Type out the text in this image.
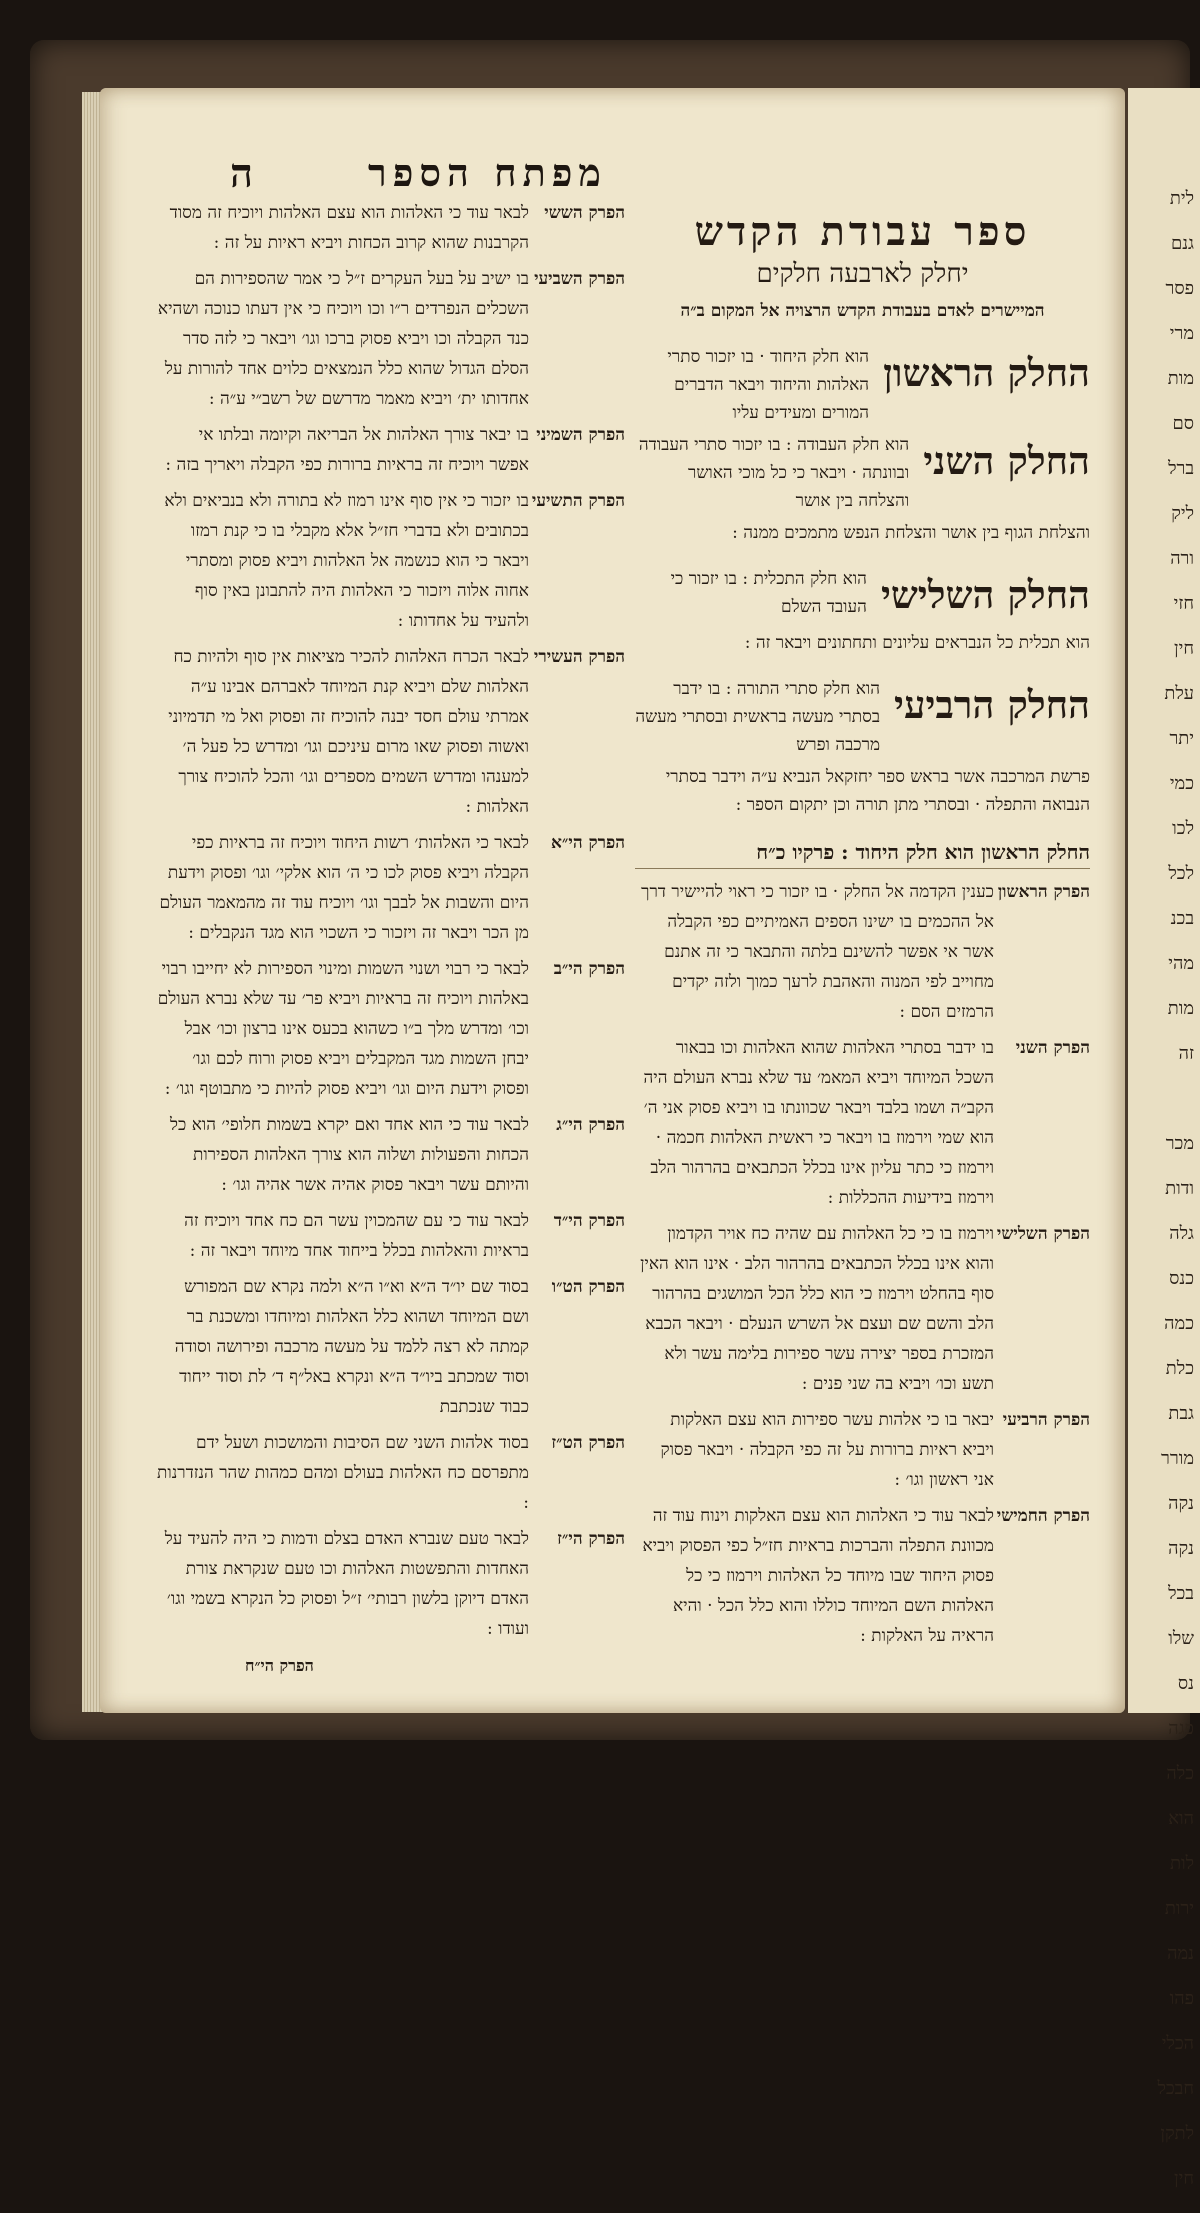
מפתח הספר
ה
ספר עבודת הקדש
יחלק לארבעה חלקים
המיישרים לאדם בעבודת הקדש הרצויה אל המקום ב״ה
החלק הראשון
הוא חלק היחוד · בו יזכור סתרי האלהות והיחוד ויבאר הדברים המורים ומעידים עליו
החלק השני
הוא חלק העבודה : בו יזכור סתרי העבודה ובוונתה · ויבאר כי כל מוכי האושר והצלחה בין אושר
והצלחת הגוף בין אושר והצלחת הנפש מתמכים ממנה :
החלק השלישי
הוא חלק התכלית : בו יזכור כי העובד השלם
הוא תכלית כל הנבראים עליונים ותחתונים ויבאר זה :
החלק הרביעי
הוא חלק סתרי התורה : בו ידבר בסתרי מעשה בראשית ובסתרי מעשה מרכבה ופרש
פרשת המרכבה אשר בראש ספר יחזקאל הנביא ע״ה וידבר בסתרי הנבואה והתפלה · ובסתרי מתן תורה וכן יתקום הספר :
החלק הראשון הוא חלק היחוד : פרקיו כ״ח
הפרק הראשון
כענין הקדמה אל החלק · בו יזכור כי ראוי להיישיר דרך אל ההכמים בו ישינו הספים האמיתיים כפי הקבלה אשר אי אפשר להשינם בלתה והתבאר כי זה אתנם מחוייב לפי המנוה והאהבת לרעך כמוך ולזה יקדים הרמזים הסם :
הפרק השני
בו ידבר בסתרי האלהות שהוא האלהות וכו בבאור השכל המיוחד ויביא המאמ׳ עד שלא נברא העולם היה הקב״ה ושמו בלבד ויבאר שכוונתו בו ויביא פסוק אני ה׳ הוא שמי וירמוז בו ויבאר כי ראשית האלהות חכמה · וירמוז כי כתר עליון אינו בכלל הכתבאים בהרהור הלב וירמוז בידיעות ההכללות :
הפרק השלישי
וירמוז בו כי כל האלהות עם שהיה כח אויר הקדמון והוא אינו בכלל הכתבאים בהרהור הלב · אינו הוא האין סוף בהחלט וירמוז כי הוא כלל הכל המושגים בהרהור הלב והשם שם ועצם אל השרש הנעלם · ויבאר הכבא המזכרת בספר יצירה עשר ספירות בלימה עשר ולא תשע וכו׳ ויביא בה שני פנים :
הפרק הרביעי
יבאר בו כי אלהות עשר ספירות הוא עצם האלקות ויביא ראיות ברורות על זה כפי הקבלה · ויבאר פסוק אני ראשון וגו׳ :
הפרק החמישי
לבאר עוד כי האלהות הוא עצם האלקות וינוח עוד זה מכוונת התפלה והברכות בראיות חז״ל כפי הפסוק ויביא פסוק היחוד שבו מיוחד כל האלהות וירמוז כי כל האלהות השם המיוחד כוללו והוא כלל הכל · והיא הראיה על האלקות :
הפרק הששי
לבאר עוד כי האלהות הוא עצם האלהות ויוכיח זה מסוד הקרבנות שהוא קרוב הכחות ויביא ראיות על זה :
הפרק השביעי
בו ישיב על בעל העקרים ז״ל כי אמר שהספירות הם השכלים הנפרדים ר״ו וכו ויוכיח כי אין דעתו כנוכה ושהיא כנד הקבלה וכו ויביא פסוק ברכו וגו׳ ויבאר כי לזה סדר הסלם הגדול שהוא כלל הנמצאים כלוים אחד להורות על אחדותו ית׳ ויביא מאמר מדרשם של רשב״י ע״ה :
הפרק השמיני
בו יבאר צורך האלהות אל הבריאה וקיומה ובלתו אי אפשר ויוכיח זה בראיות ברורות כפי הקבלה ויאריך בזה :
הפרק התשיעי
בו יזכור כי אין סוף אינו רמוז לא בתורה ולא בנביאים ולא בכתובים ולא בדברי חז״ל אלא מקבלי בו כי קנת רמזו ויבאר כי הוא כנשמה אל האלהות ויביא פסוק ומסתרי אחוה אלוה ויזכור כי האלהות היה להתבונן באין סוף ולהעיד על אחדותו :
הפרק העשירי
לבאר הכרח האלהות להכיר מציאות אין סוף ולהיות כח האלהות שלם ויביא קנת המיוחד לאברהם אבינו ע״ה אמרתי עולם חסד יבנה להוכיח זה ופסוק ואל מי תדמיוני ואשוה ופסוק שאו מרום עיניכם וגו׳ ומדרש כל פעל ה׳ למענהו ומדרש השמים מספרים וגו׳ והכל להוכיח צורך האלהות :
הפרק הי״א
לבאר כי האלהות׳ רשות היחוד ויוכיח זה בראיות כפי הקבלה ויביא פסוק לכו כי ה׳ הוא אלקי׳ וגו׳ ופסוק וידעת היום והשבות אל לבבך וגו׳ ויוכיח עוד זה מהמאמר העולם מן הכר ויבאר זה ויזכור כי השכוי הוא מגד הנקבלים :
הפרק הי״ב
לבאר כי רבוי ושנוי השמות ומינוי הספירות לא יחייבו רבוי באלהות ויוכיח זה בראיות ויביא פר׳ עד שלא נברא העולם וכו׳ ומדרש מלך ב״ו כשהוא בכעס אינו ברצון וכו׳ אבל יבחן השמות מגד המקבלים ויביא פסוק ורוח לכם וגו׳ ופסוק וידעת היום וגו׳ ויביא פסוק להיות כי מתבוטף וגו׳ :
הפרק הי״ג
לבאר עוד כי הוא אחד ואם יקרא בשמות חלופי׳ הוא כל הכחות והפעולות ושלוה הוא צורך האלהות הספירות והיותם עשר ויבאר פסוק אהיה אשר אהיה וגו׳ :
הפרק הי״ד
לבאר עוד כי עם שהמכוין עשר הם כח אחד ויוכיח זה בראיות והאלהות בכלל בייחוד אחד מיוחד ויבאר זה :
הפרק הט״ו
בסוד שם יו״ד ה״א וא״ו ה״א ולמה נקרא שם המפורש ושם המיוחד ושהוא כלל האלהות ומיוחדו ומשכנת בר קמתה לא רצה ללמד על מעשה מרכבה ופירושה וסודה וסוד שמכתב ביו״ד ה״א ונקרא באל״ף ד׳ לת וסוד ייחוד כבוד שנכתבת
הפרק הט״ז
בסוד אלהות השני שם הסיבות והמושכות ושעל ידם מתפרסם כח האלהות בעולם ומהם כמהות שהר הנזדרנות :
הפרק הי״ז
לבאר טעם שנברא האדם בצלם ודמות כי היה להעיד על האחדות והתפשטות האלהות וכו טעם שנקראת צורת האדם דיוקן בלשון רבותי׳ ז״ל ופסוק כל הנקרא בשמי וגו׳ ועודו :
הפרק הי״ח
לית
גנם
פסר
מרי
מות
סם
ברל
ליק
ורה
חזי
חין
עלת
יתר
כמי
לכו
לכל
בכנ
מהי
מות
זה
מכר
ודות
גלה
כנס
כמה
כלת
גבת
מורר
נקה
נקה
בכל
שלו
נס
פגה
כלה
הוא
לות
ירות
נמה
פהו
הכלי
חבכל
לתקן
חין
